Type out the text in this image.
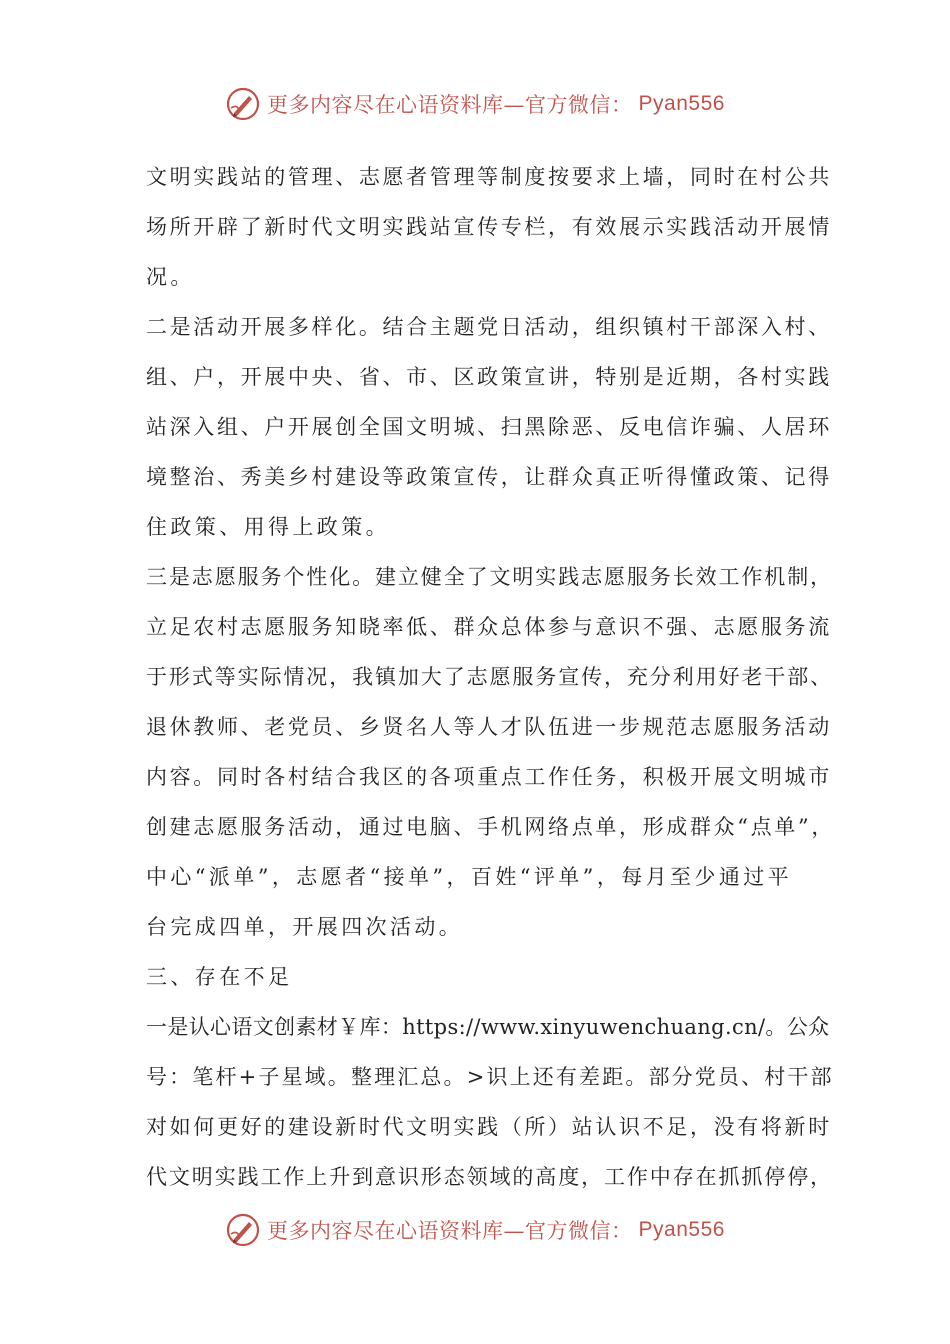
更多内容尽在心语资料库—官方微信： Pyan556
文明实践站的管理、志愿者管理等制度按要求上墙，同时在村公共
场所开辟了新时代文明实践站宣传专栏，有效展示实践活动开展情
况。
二是活动开展多样化。结合主题党日活动，组织镇村干部深入村、
组、户，开展中央、省、市、区政策宣讲，特别是近期，各村实践
站深入组、户开展创全国文明城、扫黑除恶、反电信诈骗、人居环
境整治、秀美乡村建设等政策宣传，让群众真正听得懂政策、记得
住政策、用得上政策。
三是志愿服务个性化。建立健全了文明实践志愿服务长效工作机制，
立足农村志愿服务知晓率低、群众总体参与意识不强、志愿服务流
于形式等实际情况，我镇加大了志愿服务宣传，充分利用好老干部、
退休教师、老党员、乡贤名人等人才队伍进一步规范志愿服务活动
内容。同时各村结合我区的各项重点工作任务，积极开展文明城市
创建志愿服务活动，通过电脑、手机网络点单，形成群众“点单”，
中心“派单”，志愿者“接单”，百姓“评单”，每月至少通过平
台完成四单，开展四次活动。
三、存在不足
一是认心语文创素材￥库：https://www.xinyuwenchuang.cn/。公众
号：笔杆+子星域。整理汇总。>识上还有差距。部分党员、村干部
对如何更好的建设新时代文明实践（所）站认识不足，没有将新时
代文明实践工作上升到意识形态领域的高度，工作中存在抓抓停停，
更多内容尽在心语资料库—官方微信： Pyan556
